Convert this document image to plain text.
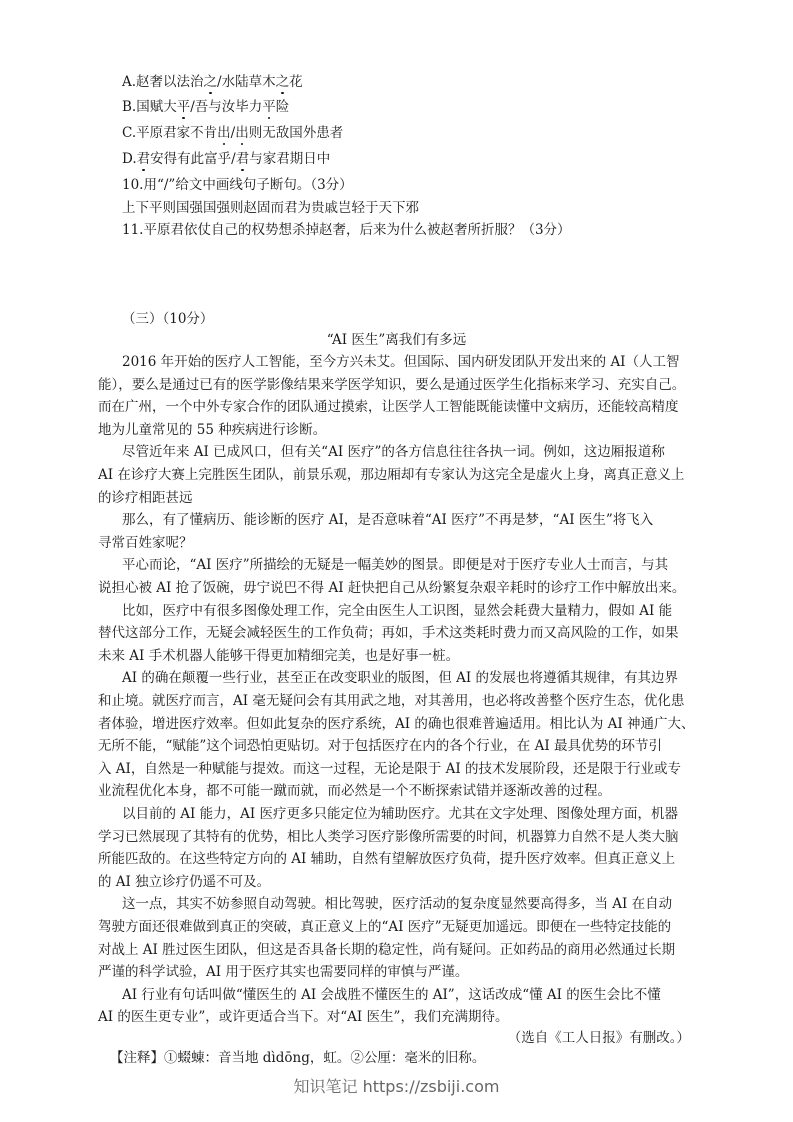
A.赵奢以法治之/水陆草木之花
B.国赋大平/吾与汝毕力平险
C.平原君家不肯出/出则无敌国外患者
D.君安得有此富乎/君与家君期日中
10.用“/”给文中画线句子断句。（3分）
上下平则国强国强则赵固而君为贵戚岂轻于天下邪
11.平原君依仗自己的权势想杀掉赵奢，后来为什么被赵奢所折服？（3分）
（三）（10分）
“AI 医生”离我们有多远
2016 年开始的医疗人工智能，至今方兴未艾。但国际、国内研发团队开发出来的 AI（人工智
能），要么是通过已有的医学影像结果来学医学知识，要么是通过医学生化指标来学习、充实自己。
而在广州，一个中外专家合作的团队通过摸索，让医学人工智能既能读懂中文病历，还能较高精度
地为儿童常见的 55 种疾病进行诊断。
尽管近年来 AI 已成风口，但有关“AI 医疗”的各方信息往往各执一词。例如，这边厢报道称
AI 在诊疗大赛上完胜医生团队，前景乐观，那边厢却有专家认为这完全是虚火上身，离真正意义上
的诊疗相距甚远
那么，有了懂病历、能诊断的医疗 AI，是否意味着“AI 医疗”不再是梦，“AI 医生”将飞入
寻常百姓家呢？
平心而论，“AI 医疗”所描绘的无疑是一幅美妙的图景。即便是对于医疗专业人士而言，与其
说担心被 AI 抢了饭碗，毋宁说巴不得 AI 赶快把自己从纷繁复杂艰辛耗时的诊疗工作中解放出来。
比如，医疗中有很多图像处理工作，完全由医生人工识图，显然会耗费大量精力，假如 AI 能
替代这部分工作，无疑会减轻医生的工作负荷；再如，手术这类耗时费力而又高风险的工作，如果
未来 AI 手术机器人能够干得更加精细完美，也是好事一桩。
AI 的确在颠覆一些行业，甚至正在改变职业的版图，但 AI 的发展也将遵循其规律，有其边界
和止境。就医疗而言，AI 毫无疑问会有其用武之地，对其善用，也必将改善整个医疗生态，优化患
者体验，增进医疗效率。但如此复杂的医疗系统，AI 的确也很难普遍适用。相比认为 AI 神通广大、
无所不能，“赋能”这个词恐怕更贴切。对于包括医疗在内的各个行业，在 AI 最具优势的环节引
入 AI，自然是一种赋能与提效。而这一过程，无论是限于 AI 的技术发展阶段，还是限于行业或专
业流程优化本身，都不可能一蹴而就，而必然是一个不断探索试错并逐渐改善的过程。
以目前的 AI 能力，AI 医疗更多只能定位为辅助医疗。尤其在文字处理、图像处理方面，机器
学习已然展现了其特有的优势，相比人类学习医疗影像所需要的时间，机器算力自然不是人类大脑
所能匹敌的。在这些特定方向的 AI 辅助，自然有望解放医疗负荷，提升医疗效率。但真正意义上
的 AI 独立诊疗仍遥不可及。
这一点，其实不妨参照自动驾驶。相比驾驶，医疗活动的复杂度显然要高得多，当 AI 在自动
驾驶方面还很难做到真正的突破，真正意义上的“AI 医疗”无疑更加遥远。即便在一些特定技能的
对战上 AI 胜过医生团队，但这是否具备长期的稳定性，尚有疑问。正如药品的商用必然通过长期
严谨的科学试验，AI 用于医疗其实也需要同样的审慎与严谨。
AI 行业有句话叫做“懂医生的 AI 会战胜不懂医生的 AI”，这话改成“懂 AI 的医生会比不懂
AI 的医生更专业”，或许更适合当下。对“AI 医生”，我们充满期待。
（选自《工人日报》有删改。）
【注释】①蝃蝀：音当地 dìdōng，虹。②公厘：毫米的旧称。
知识笔记 https://zsbiji.com
